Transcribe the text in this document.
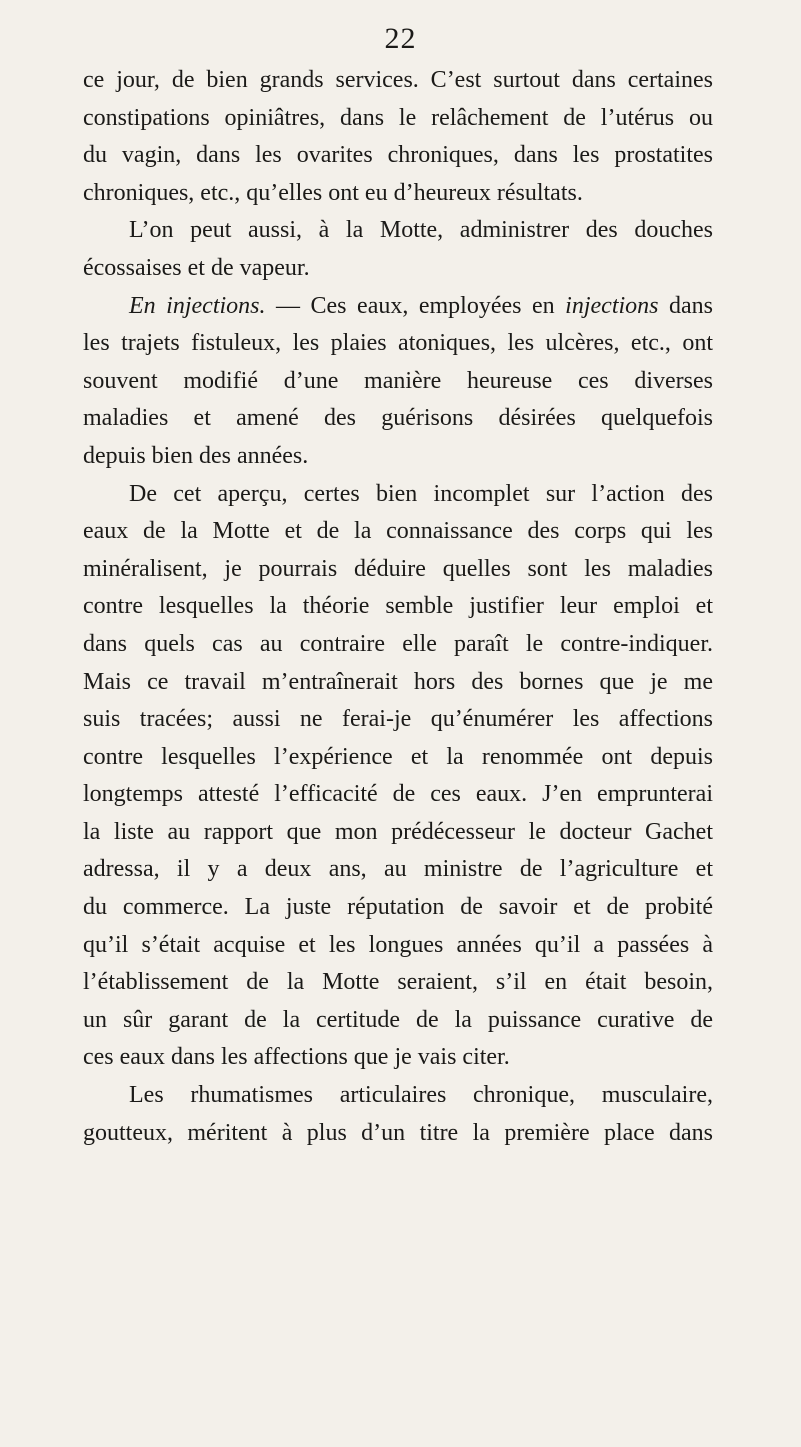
22
ce jour, de bien grands services. C’est surtout dans certaines
constipations opiniâtres, dans le relâchement de l’utérus ou
du vagin, dans les ovarites chroniques, dans les prostatites
chroniques, etc., qu’elles ont eu d’heureux résultats.
L’on peut aussi, à la Motte, administrer des douches
écossaises et de vapeur.
En injections. — Ces eaux, employées en injections dans
les trajets fistuleux, les plaies atoniques, les ulcères, etc., ont
souvent modifié d’une manière heureuse ces diverses
maladies et amené des guérisons désirées quelquefois
depuis bien des années.
De cet aperçu, certes bien incomplet sur l’action des
eaux de la Motte et de la connaissance des corps qui les
minéralisent, je pourrais déduire quelles sont les maladies
contre lesquelles la théorie semble justifier leur emploi et
dans quels cas au contraire elle paraît le contre-indiquer.
Mais ce travail m’entraînerait hors des bornes que je me
suis tracées; aussi ne ferai-je qu’énumérer les affections
contre lesquelles l’expérience et la renommée ont depuis
longtemps attesté l’efficacité de ces eaux. J’en emprunterai
la liste au rapport que mon prédécesseur le docteur Gachet
adressa, il y a deux ans, au ministre de l’agriculture et
du commerce. La juste réputation de savoir et de probité
qu’il s’était acquise et les longues années qu’il a passées à
l’établissement de la Motte seraient, s’il en était besoin,
un sûr garant de la certitude de la puissance curative de
ces eaux dans les affections que je vais citer.
Les rhumatismes articulaires chronique, musculaire,
goutteux, méritent à plus d’un titre la première place dans
